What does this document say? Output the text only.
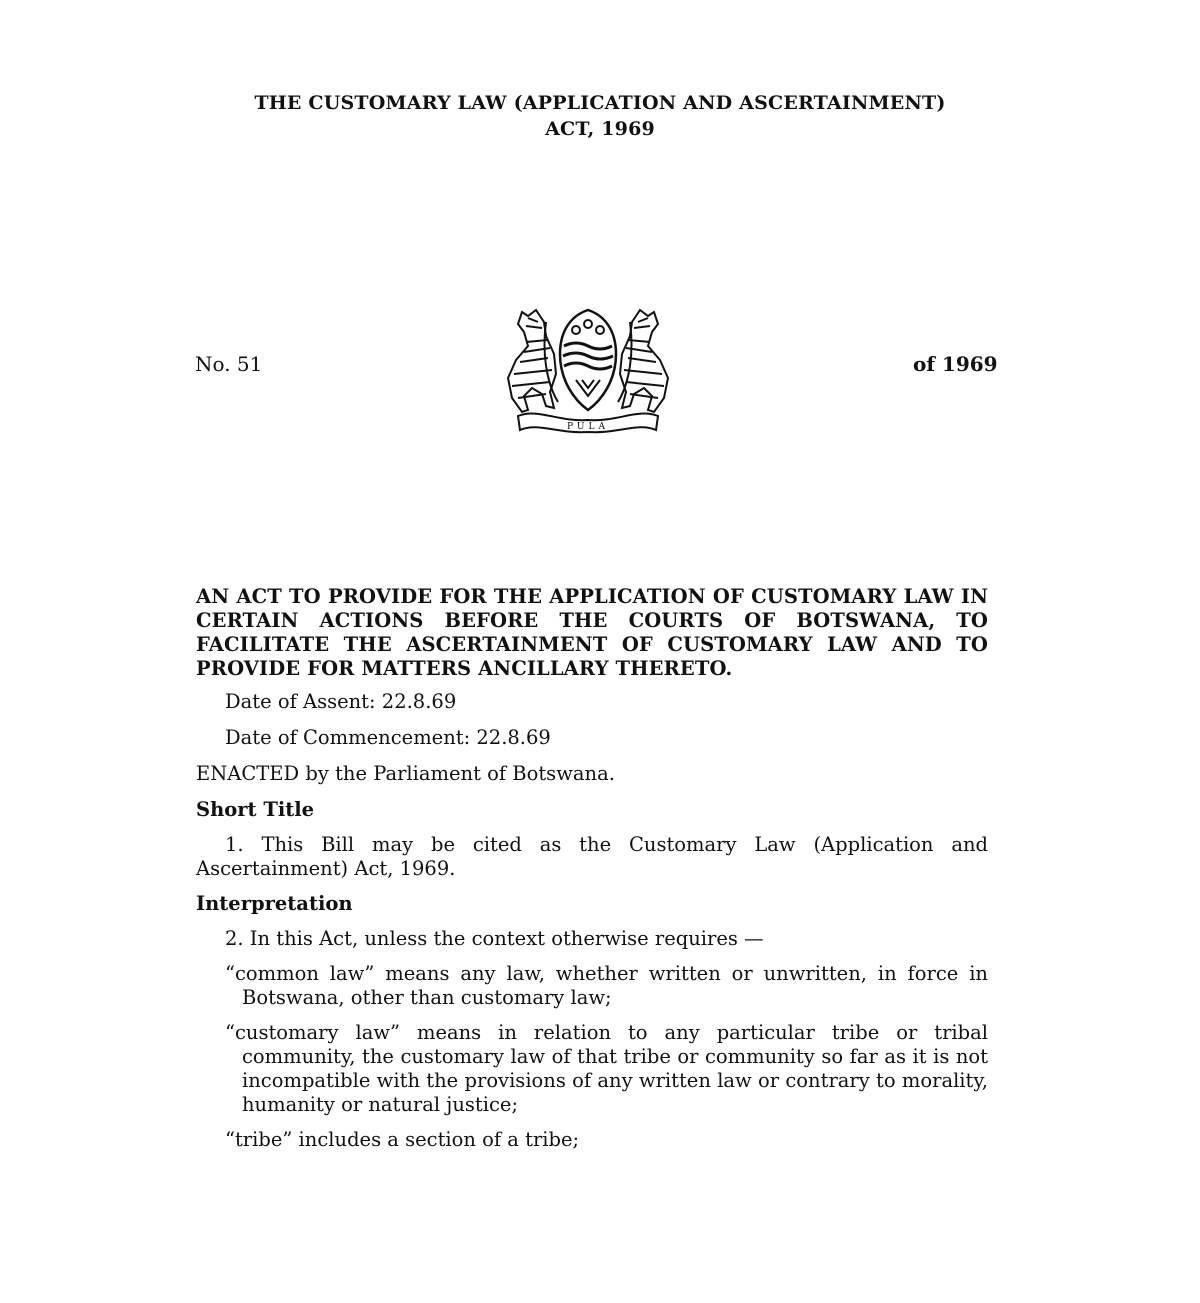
THE CUSTOMARY LAW (APPLICATION AND ASCERTAINMENT)
ACT, 1969
No. 51
PULA
of 1969

AN ACT TO PROVIDE FOR THE APPLICATION OF CUSTOMARY LAW IN CERTAIN ACTIONS BEFORE THE COURTS OF BOTSWANA, TO FACILITATE THE ASCERTAINMENT OF CUSTOMARY LAW AND TO PROVIDE FOR MATTERS ANCILLARY THERETO.

Date of Assent: 22.8.69

Date of Commencement: 22.8.69

ENACTED by the Parliament of Botswana.

Short Title

1. This Bill may be cited as the Customary Law (Application and Ascertainment) Act, 1969.

Interpretation

2. In this Act, unless the context otherwise requires —

“common law” means any law, whether written or unwritten, in force in Botswana, other than customary law;

“customary law” means in relation to any particular tribe or tribal community, the customary law of that tribe or community so far as it is not incompatible with the provisions of any written law or contrary to morality, humanity or natural justice;

“tribe” includes a section of a tribe;
